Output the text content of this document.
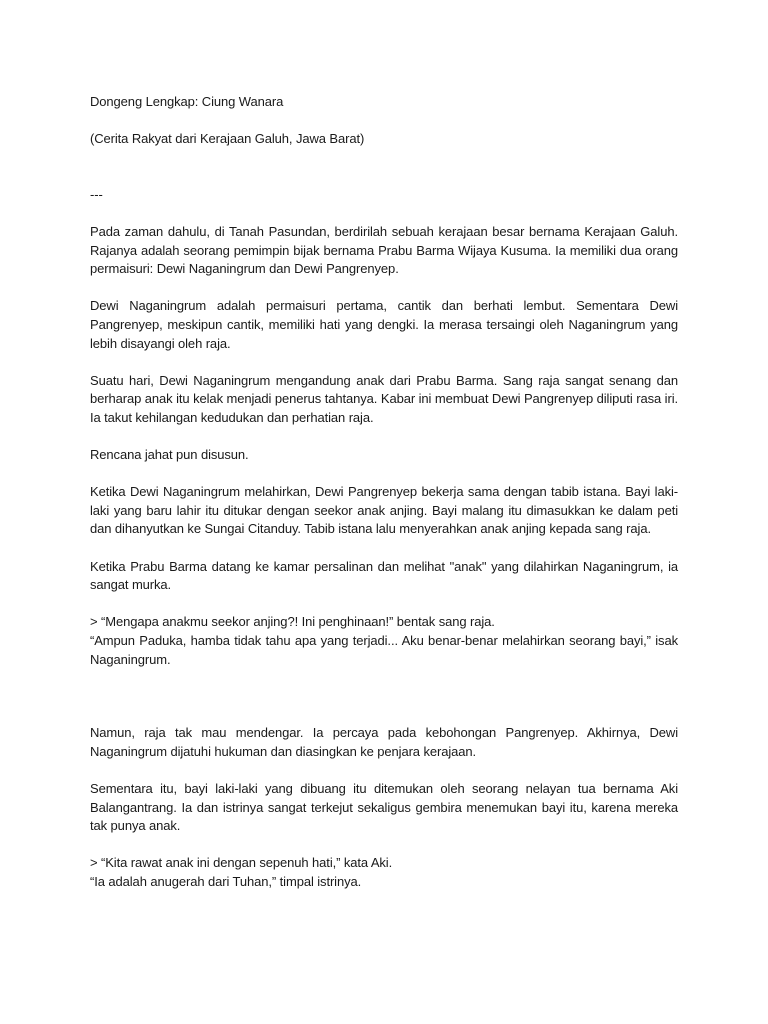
Dongeng Lengkap: Ciung Wanara

(Cerita Rakyat dari Kerajaan Galuh, Jawa Barat)

---

Pada zaman dahulu, di Tanah Pasundan, berdirilah sebuah kerajaan besar bernama Kerajaan Galuh. Rajanya adalah seorang pemimpin bijak bernama Prabu Barma Wijaya Kusuma. Ia memiliki dua orang permaisuri: Dewi Naganingrum dan Dewi Pangrenyep.

Dewi Naganingrum adalah permaisuri pertama, cantik dan berhati lembut. Sementara Dewi Pangrenyep, meskipun cantik, memiliki hati yang dengki. Ia merasa tersaingi oleh Naganingrum yang lebih disayangi oleh raja.

Suatu hari, Dewi Naganingrum mengandung anak dari Prabu Barma. Sang raja sangat senang dan berharap anak itu kelak menjadi penerus tahtanya. Kabar ini membuat Dewi Pangrenyep diliputi rasa iri. Ia takut kehilangan kedudukan dan perhatian raja.

Rencana jahat pun disusun.

Ketika Dewi Naganingrum melahirkan, Dewi Pangrenyep bekerja sama dengan tabib istana. Bayi laki-laki yang baru lahir itu ditukar dengan seekor anak anjing. Bayi malang itu dimasukkan ke dalam peti dan dihanyutkan ke Sungai Citanduy. Tabib istana lalu menyerahkan anak anjing kepada sang raja.

Ketika Prabu Barma datang ke kamar persalinan dan melihat "anak" yang dilahirkan Naganingrum, ia sangat murka.

> “Mengapa anakmu seekor anjing?! Ini penghinaan!” bentak sang raja.

“Ampun Paduka, hamba tidak tahu apa yang terjadi... Aku benar-benar melahirkan seorang bayi,” isak Naganingrum.

Namun, raja tak mau mendengar. Ia percaya pada kebohongan Pangrenyep. Akhirnya, Dewi Naganingrum dijatuhi hukuman dan diasingkan ke penjara kerajaan.

Sementara itu, bayi laki-laki yang dibuang itu ditemukan oleh seorang nelayan tua bernama Aki Balangantrang. Ia dan istrinya sangat terkejut sekaligus gembira menemukan bayi itu, karena mereka tak punya anak.

> “Kita rawat anak ini dengan sepenuh hati,” kata Aki.

“Ia adalah anugerah dari Tuhan,” timpal istrinya.
